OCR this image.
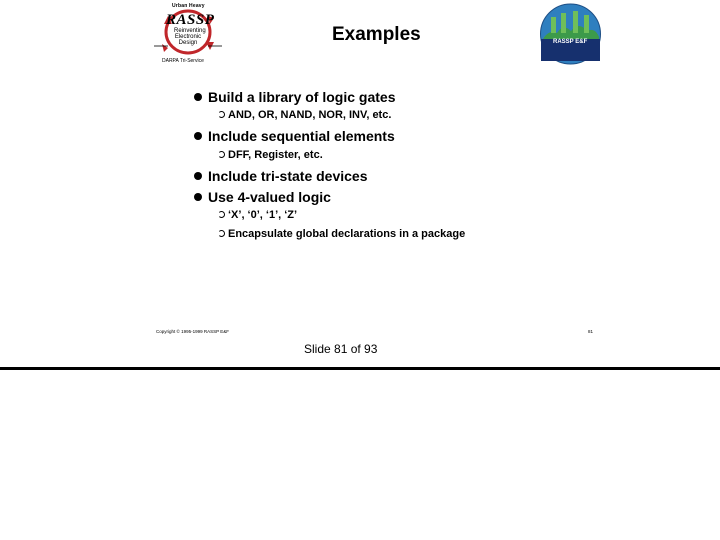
Urban Heavy
RASSP
Reinventing
Electronic
Design
DARPA Tri-Service
Examples	RASSP E&F
Build a library of logic gates
AND, OR, NAND, NOR, INV, etc.
Include sequential elements
DFF, Register, etc.
Include tri-state devices
Use 4-valued logic
‘X’, ‘0’, ‘1’, ‘Z’
Encapsulate global declarations in a package
Copyright © 1995-1999 RASSP E&F	81
Slide 81 of 93
